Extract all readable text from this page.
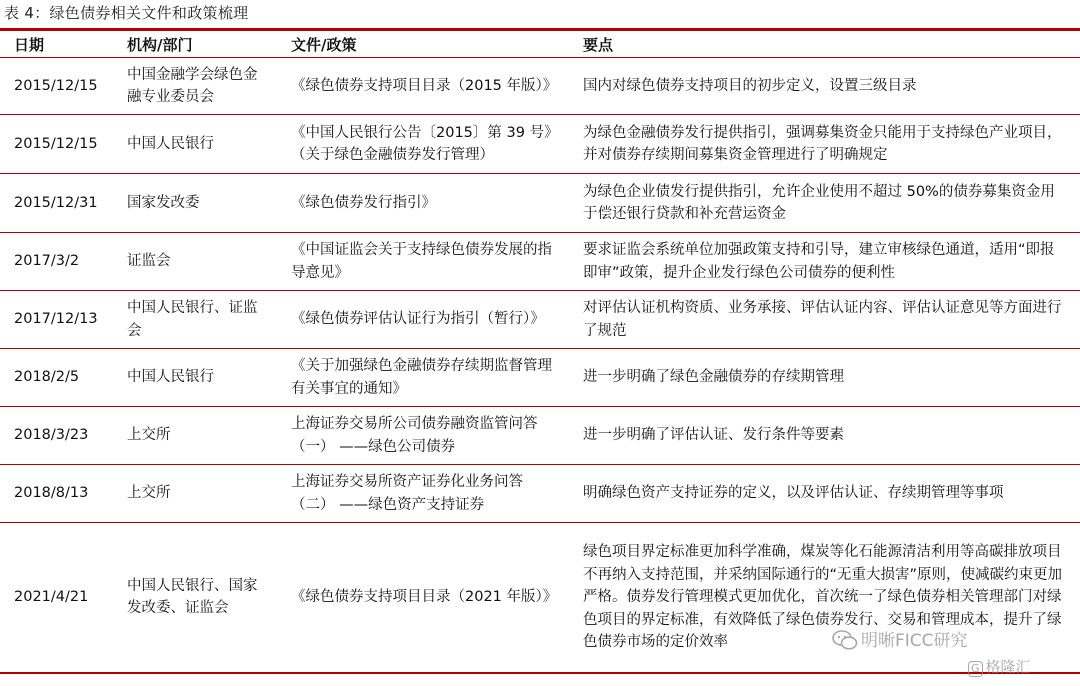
表 4：绿色债券相关文件和政策梳理
日期	机构/部门	文件/政策	要点
2015/12/15	中国金融学会绿色金融专业委员会	《绿色债券支持项目目录（2015 年版）》	国内对绿色债券支持项目的初步定义，设置三级目录
2015/12/15	中国人民银行	《中国人民银行公告〔2015〕第 39 号》（关于绿色金融债券发行管理）	为绿色金融债券发行提供指引，强调募集资金只能用于支持绿色产业项目，并对债券存续期间募集资金管理进行了明确规定
2015/12/31	国家发改委	《绿色债券发行指引》	为绿色企业债发行提供指引，允许企业使用不超过 50%的债券募集资金用于偿还银行贷款和补充营运资金
2017/3/2	证监会	《中国证监会关于支持绿色债券发展的指导意见》	要求证监会系统单位加强政策支持和引导，建立审核绿色通道，适用“即报即审”政策，提升企业发行绿色公司债券的便利性
2017/12/13	中国人民银行、证监会	《绿色债券评估认证行为指引（暂行）》	对评估认证机构资质、业务承接、评估认证内容、评估认证意见等方面进行了规范
2018/2/5	中国人民银行	《关于加强绿色金融债券存续期监督管理有关事宜的通知》	进一步明确了绿色金融债券的存续期管理
2018/3/23	上交所	上海证券交易所公司债券融资监管问答（一） ——绿色公司债券	进一步明确了评估认证、发行条件等要素
2018/8/13	上交所	上海证券交易所资产证券化业务问答（二） ——绿色资产支持证券	明确绿色资产支持证券的定义，以及评估认证、存续期管理等事项
2021/4/21	中国人民银行、国家发改委、证监会	《绿色债券支持项目目录（2021 年版）》	绿色项目界定标准更加科学准确，煤炭等化石能源清洁利用等高碳排放项目不再纳入支持范围，并采纳国际通行的“无重大损害”原则，使减碳约束更加严格。债券发行管理模式更加优化，首次统一了绿色债券相关管理部门对绿色项目的界定标准，有效降低了绿色债券发行、交易和管理成本，提升了绿色债券市场的定价效率	明晰FICC研究
G 格隆汇
